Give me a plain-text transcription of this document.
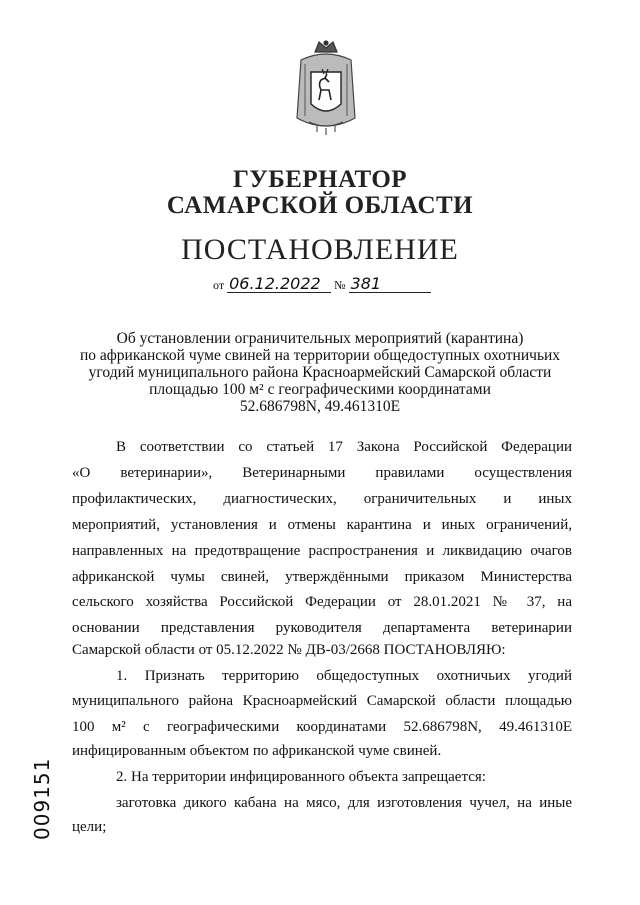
ГУБЕРНАТОР
САМАРСКОЙ ОБЛАСТИ
ПОСТАНОВЛЕНИЕ
от 06.12.2022 № 381
Об установлении ограничительных мероприятий (карантина)
по африканской чуме свиней на территории общедоступных охотничьих
угодий муниципального района Красноармейский Самарской области
площадью 100 м² с географическими координатами
52.686798N, 49.461310E
В соответствии со статьей 17 Закона Российской Федерации
«О ветеринарии», Ветеринарными правилами осуществления
профилактических, диагностических, ограничительных и иных
мероприятий, установления и отмены карантина и иных ограничений,
направленных на предотвращение распространения и ликвидацию очагов
африканской чумы свиней, утверждёнными приказом Министерства
сельского хозяйства Российской Федерации от 28.01.2021 № 37, на
основании представления руководителя департамента ветеринарии
Самарской области от 05.12.2022 № ДВ-03/2668 ПОСТАНОВЛЯЮ:
1. Признать территорию общедоступных охотничьих угодий
муниципального района Красноармейский Самарской области площадью
100 м² с географическими координатами 52.686798N, 49.461310E
инфицированным объектом по африканской чуме свиней.
2. На территории инфицированного объекта запрещается:
заготовка дикого кабана на мясо, для изготовления чучел, на иные
цели;
009151
